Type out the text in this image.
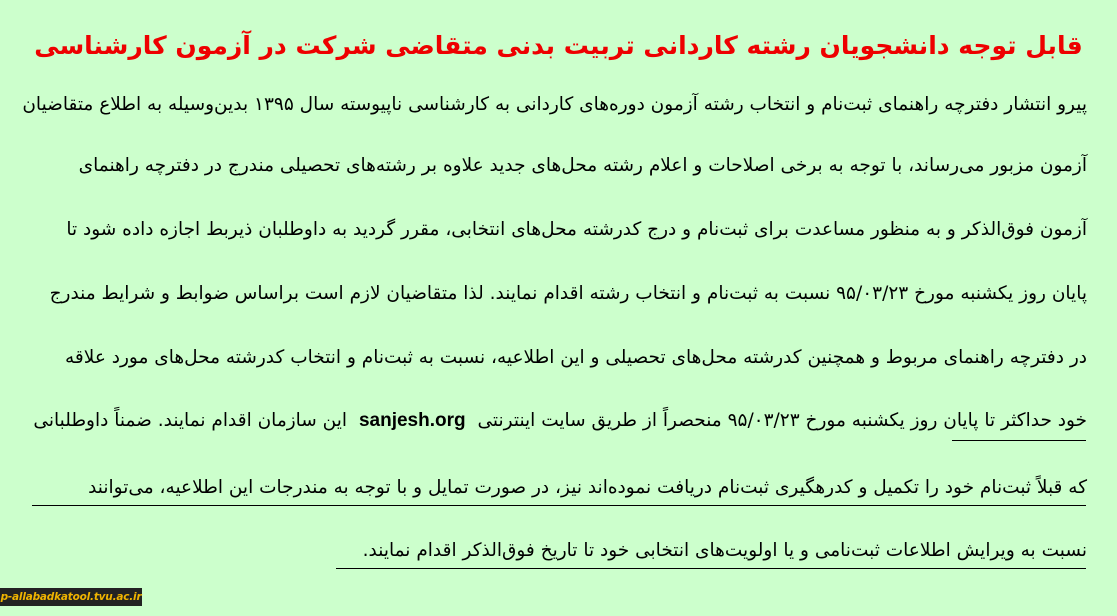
قابل توجه دانشجویان رشته کاردانی تربیت بدنی متقاضی شرکت در آزمون کارشناسی
پیرو انتشار دفترچه راهنمای ثبت‌نام و انتخاب رشته آزمون دوره‌های کاردانی به کارشناسی ناپیوسته سال ۱۳۹۵ بدین‌وسیله به اطلاع متقاضیان
آزمون مزبور می‌رساند، با توجه به برخی اصلاحات و اعلام رشته محل‌های جدید علاوه بر رشته‌های تحصیلی مندرج در دفترچه راهنمای
آزمون فوق‌الذکر و به منظور مساعدت برای ثبت‌نام و درج کدرشته محل‌های انتخابی، مقرر گردید به داوطلبان ذیربط اجازه داده شود تا
پایان روز یکشنبه مورخ ۹۵/۰۳/۲۳ نسبت به ثبت‌نام و انتخاب رشته اقدام نمایند. لذا متقاضیان لازم است براساس ضوابط و شرایط مندرج
در دفترچه راهنمای مربوط و همچنین کدرشته محل‌های تحصیلی و این اطلاعیه، نسبت به ثبت‌نام و انتخاب کدرشته محل‌های مورد علاقه
خود حداکثر تا پایان روز یکشنبه مورخ ۹۵/۰۳/۲۳ منحصراً از طریق سایت اینترنتی sanjesh.org این سازمان اقدام نمایند. ضمناً داوطلبانی
که قبلاً ثبت‌نام خود را تکمیل و کدرهگیری ثبت‌نام دریافت نموده‌اند نیز، در صورت تمایل و با توجه به مندرجات این اطلاعیه، می‌توانند
نسبت به ویرایش اطلاعات ثبت‌نامی و یا اولویت‌های انتخابی خود تا تاریخ فوق‌الذکر اقدام نمایند.
p-allabadkatool.tvu.ac.ir
